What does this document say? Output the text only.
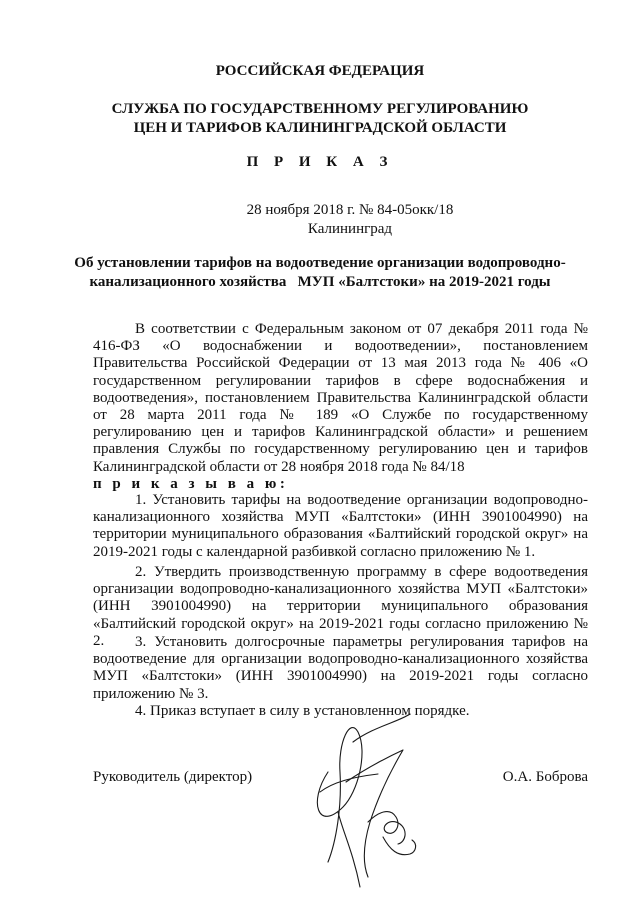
РОССИЙСКАЯ ФЕДЕРАЦИЯ

СЛУЖБА ПО ГОСУДАРСТВЕННОМУ РЕГУЛИРОВАНИЮ
ЦЕН И ТАРИФОВ КАЛИНИНГРАДСКОЙ ОБЛАСТИ

П Р И К А З

28 ноября 2018 г. № 84-05окк/18

Калининград

Об установлении тарифов на водоотведение организации водопроводно-
канализационного хозяйства   МУП «Балтстоки» на 2019-2021 годы

В соответствии с Федеральным законом от 07 декабря 2011 года № 416-ФЗ «О водоснабжении и водоотведении», постановлением Правительства Российской Федерации от 13 мая 2013 года № 406 «О государственном регулировании тарифов в сфере водоснабжения и водоотведения», постановлением Правительства Калининградской области от 28 марта 2011 года № 189 «О Службе по государственному регулированию цен и тарифов Калининградской области» и решением правления Службы по государственному регулированию цен и тарифов Калининградской области от 28 ноября 2018 года № 84/18
п р и к а з ы в а ю:

1. Установить тарифы на водоотведение организации водопроводно-канализационного хозяйства МУП «Балтстоки» (ИНН 3901004990) на территории муниципального образования «Балтийский городской округ» на 2019-2021 годы с календарной разбивкой согласно приложению № 1.

2. Утвердить производственную программу в сфере водоотведения организации водопроводно-канализационного хозяйства МУП «Балтстоки» (ИНН 3901004990) на территории муниципального образования «Балтийский городской округ» на 2019-2021 годы согласно приложению № 2.	3. Установить долгосрочные параметры регулирования тарифов на водоотведение для организации водопроводно-канализационного хозяйства МУП «Балтстоки» (ИНН 3901004990) на 2019-2021 годы согласно приложению № 3.

4. Приказ вступает в силу в установленном порядке.

Руководитель (директор)	О.А. Боброва
